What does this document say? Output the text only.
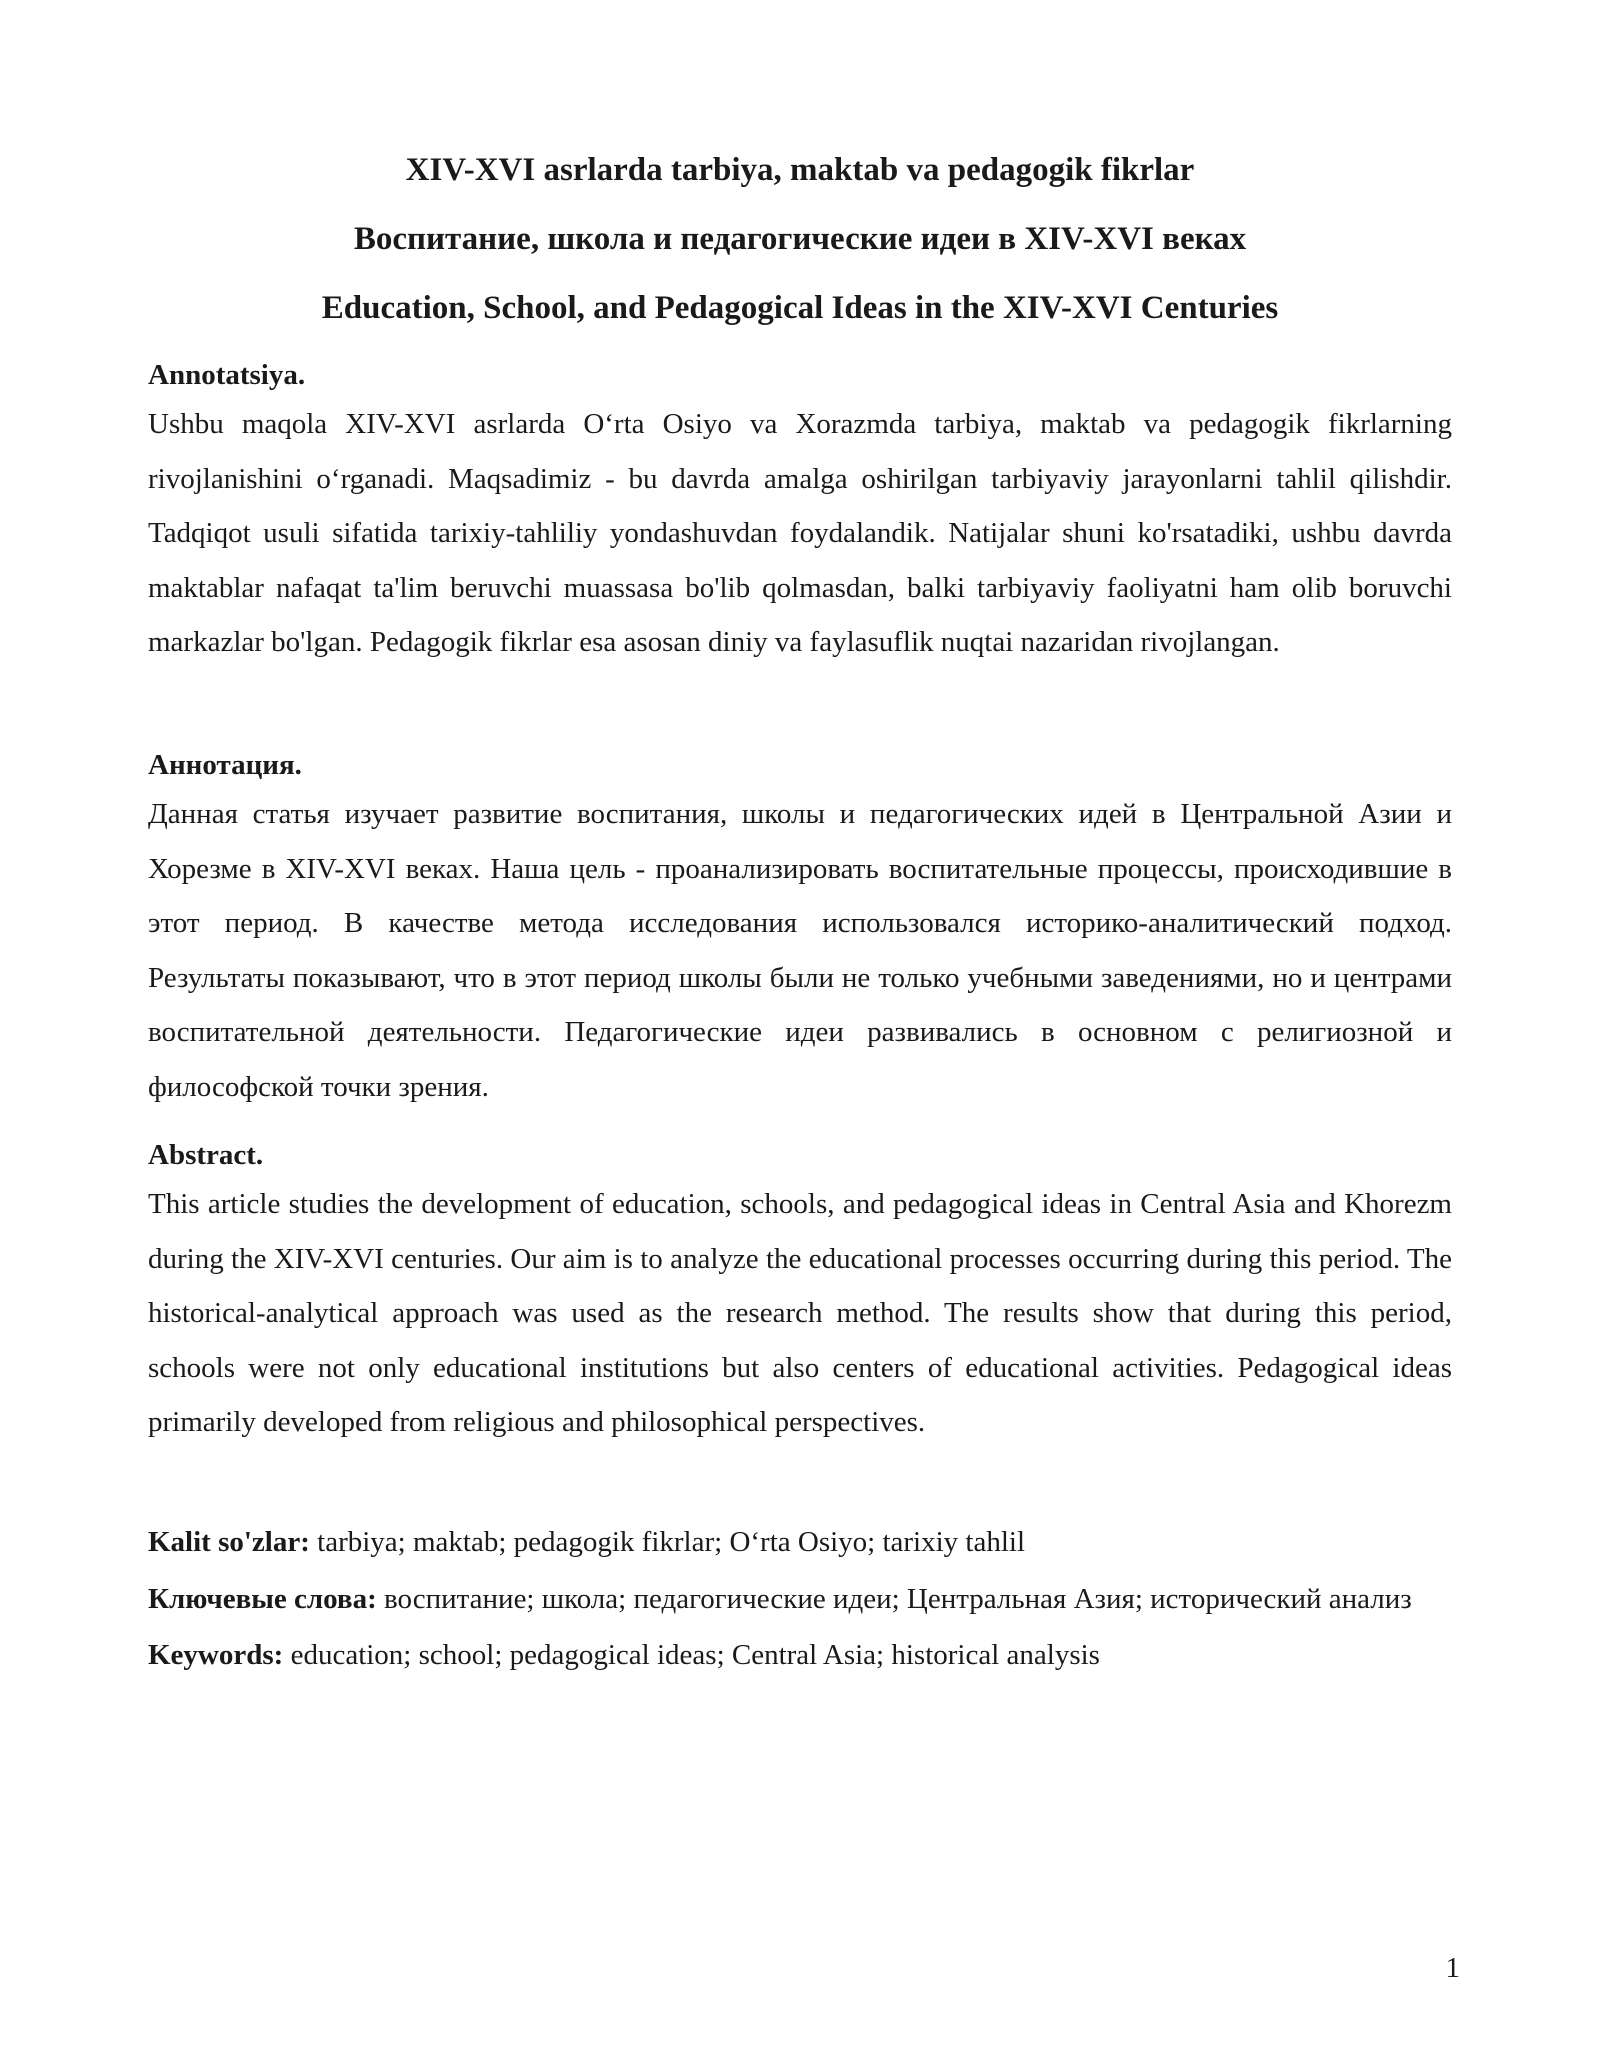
XIV-XVI asrlarda tarbiya, maktab va pedagogik fikrlar
Воспитание, школа и педагогические идеи в XIV-XVI веках
Education, School, and Pedagogical Ideas in the XIV-XVI Centuries
Annotatsiya.

Ushbu maqola XIV-XVI asrlarda O‘rta Osiyo va Xorazmda tarbiya, maktab va pedagogik fikrlarning rivojlanishini o‘rganadi. Maqsadimiz - bu davrda amalga oshirilgan tarbiyaviy jarayonlarni tahlil qilishdir. Tadqiqot usuli sifatida tarixiy-tahliliy yondashuvdan foydalandik. Natijalar shuni ko'rsatadiki, ushbu davrda maktablar nafaqat ta'lim beruvchi muassasa bo'lib qolmasdan, balki tarbiyaviy faoliyatni ham olib boruvchi markazlar bo'lgan. Pedagogik fikrlar esa asosan diniy va faylasuflik nuqtai nazaridan rivojlangan.

Аннотация.

Данная статья изучает развитие воспитания, школы и педагогических идей в Центральной Азии и Хорезме в XIV-XVI веках. Наша цель - проанализировать воспитательные процессы, происходившие в этот период. В качестве метода исследования использовался историко-аналитический подход. Результаты показывают, что в этот период школы были не только учебными заведениями, но и центрами воспитательной деятельности. Педагогические идеи развивались в основном с религиозной и философской точки зрения.

Abstract.

This article studies the development of education, schools, and pedagogical ideas in Central Asia and Khorezm during the XIV-XVI centuries. Our aim is to analyze the educational processes occurring during this period. The historical-analytical approach was used as the research method. The results show that during this period, schools were not only educational institutions but also centers of educational activities. Pedagogical ideas primarily developed from religious and philosophical perspectives.

Kalit so'zlar: tarbiya; maktab; pedagogik fikrlar; O‘rta Osiyo; tarixiy tahlil

Ключевые слова: воспитание; школа; педагогические идеи; Центральная Азия; исторический анализ

Keywords: education; school; pedagogical ideas; Central Asia; historical analysis

1
